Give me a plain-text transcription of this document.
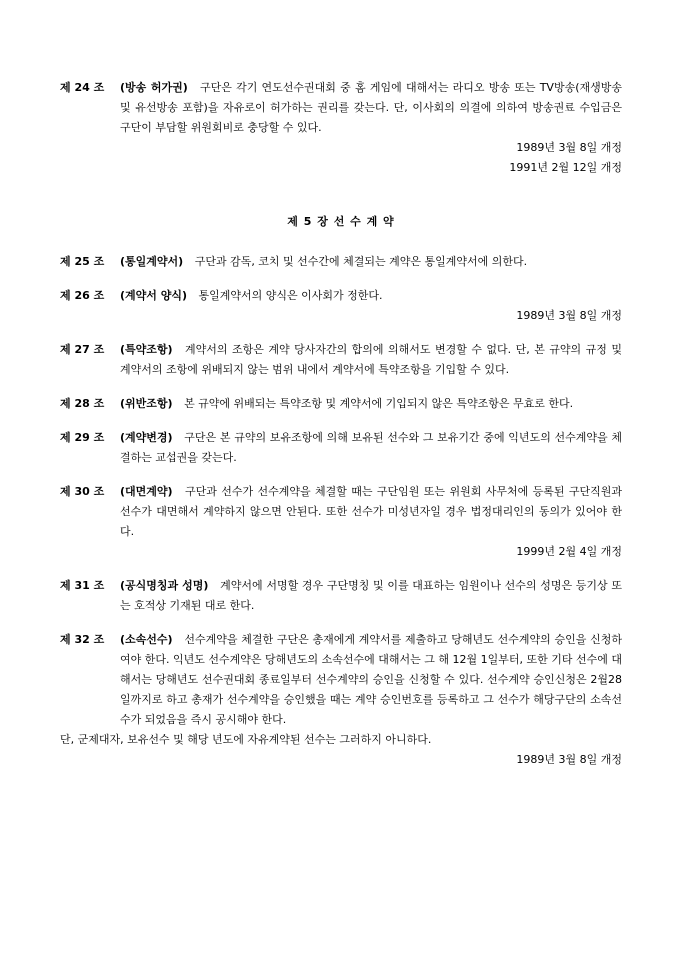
제 24 조 (방송 허가권) 구단은 각기 연도선수권대회 중 홈 게임에 대해서는 라디오 방송 또는 TV방송(재생방송 및 유선방송 포함)을 자유로이 허가하는 권리를 갖는다. 단, 이사회의 의결에 의하여 방송권료 수입금은 구단이 부담할 위원회비로 충당할 수 있다.

1989년 3월 8일 개정

1991년 2월 12일 개정

제 5 장 선 수 계 약

제 25 조 (통일계약서) 구단과 감독, 코치 및 선수간에 체결되는 계약은 통일계약서에 의한다.

제 26 조 (계약서 양식) 통일계약서의 양식은 이사회가 정한다.

1989년 3월 8일 개정

제 27 조 (특약조항) 계약서의 조항은 계약 당사자간의 합의에 의해서도 변경할 수 없다. 단, 본 규약의 규정 및 계약서의 조항에 위배되지 않는 범위 내에서 계약서에 특약조항을 기입할 수 있다.

제 28 조 (위반조항) 본 규약에 위배되는 특약조항 및 계약서에 기입되지 않은 특약조항은 무효로 한다.

제 29 조 (계약변경) 구단은 본 규약의 보유조항에 의해 보유된 선수와 그 보유기간 중에 익년도의 선수계약을 체결하는 교섭권을 갖는다.

제 30 조 (대면계약) 구단과 선수가 선수계약을 체결할 때는 구단임원 또는 위원회 사무처에 등록된 구단직원과 선수가 대면해서 계약하지 않으면 안된다. 또한 선수가 미성년자일 경우 법정대리인의 동의가 있어야 한다.

1999년 2월 4일 개정

제 31 조 (공식명칭과 성명) 계약서에 서명할 경우 구단명칭 및 이를 대표하는 임원이나 선수의 성명은 등기상 또는 호적상 기재된 대로 한다.

제 32 조 (소속선수) 선수계약을 체결한 구단은 총재에게 계약서를 제출하고 당해년도 선수계약의 승인을 신청하여야 한다. 익년도 선수계약은 당해년도의 소속선수에 대해서는 그 해 12월 1일부터, 또한 기타 선수에 대해서는 당해년도 선수권대회 종료일부터 선수계약의 승인을 신청할 수 있다. 선수계약 승인신청은 2월28일까지로 하고 총재가 선수계약을 승인했을 때는 계약 승인번호를 등록하고 그 선수가 해당구단의 소속선수가 되었음을 즉시 공시해야 한다.

단, 군제대자, 보유선수 및 해당 년도에 자유계약된 선수는 그러하지 아니하다.

1989년 3월 8일 개정
